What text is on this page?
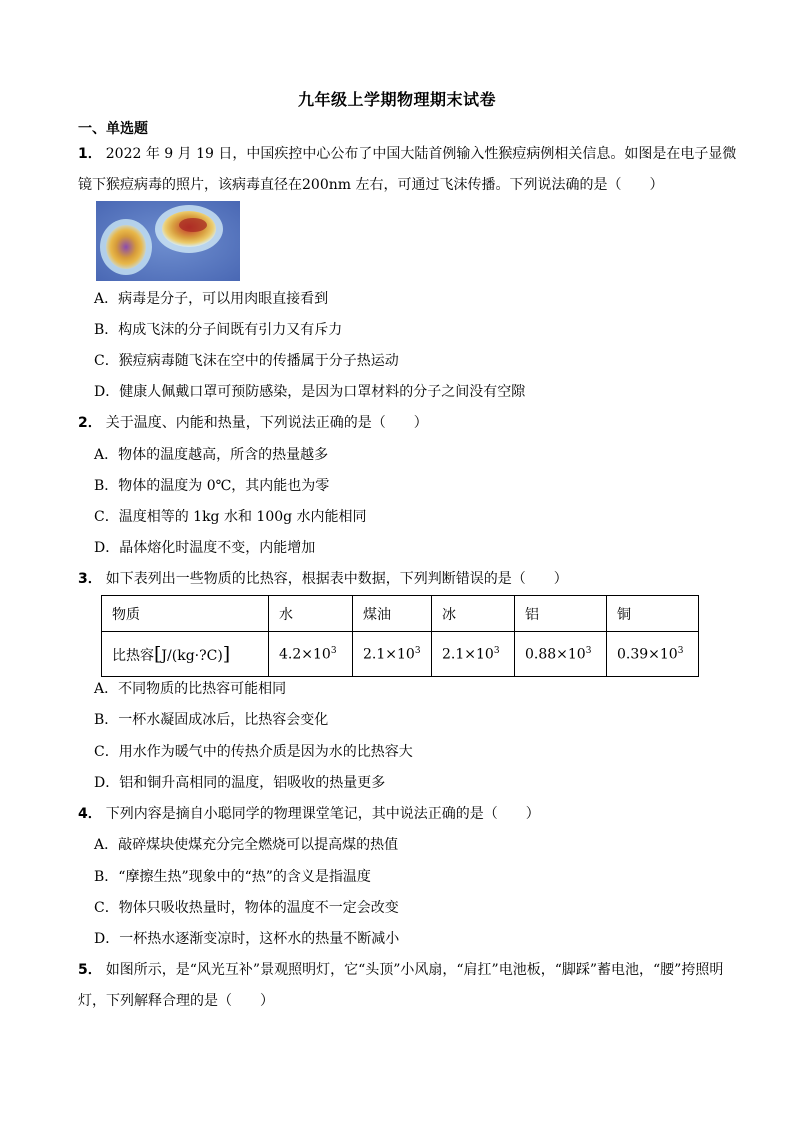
九年级上学期物理期末试卷
一、单选题
1． 2022 年 9 月 19 日，中国疾控中心公布了中国大陆首例输入性猴痘病例相关信息。如图是在电子显微
镜下猴痘病毒的照片，该病毒直径在200nm 左右，可通过飞沫传播。下列说法确的是（　　）
A．病毒是分子，可以用肉眼直接看到
B．构成飞沫的分子间既有引力又有斥力
C．猴痘病毒随飞沫在空中的传播属于分子热运动
D．健康人佩戴口罩可预防感染，是因为口罩材料的分子之间没有空隙
2． 关于温度、内能和热量，下列说法正确的是（　　）
A．物体的温度越高，所含的热量越多
B．物体的温度为 0℃，其内能也为零
C．温度相等的 1kg 水和 100g 水内能相同
D．晶体熔化时温度不变，内能增加
3． 如下表列出一些物质的比热容，根据表中数据，下列判断错误的是（　　）
物质	水	煤油	冰	铝	铜
比热容[J/(kg·?C)]	$4.2\times 10^3$	$2.1\times 10^3$	$2.1\times 10^3$	$0.88\times 10^3$	$0.39\times 10^3$
A．不同物质的比热容可能相同
B．一杯水凝固成冰后，比热容会变化
C．用水作为暖气中的传热介质是因为水的比热容大
D．铝和铜升高相同的温度，铝吸收的热量更多
4． 下列内容是摘自小聪同学的物理课堂笔记，其中说法正确的是（　　）
A．敲碎煤块使煤充分完全燃烧可以提高煤的热值
B．“摩擦生热”现象中的“热”的含义是指温度
C．物体只吸收热量时，物体的温度不一定会改变
D．一杯热水逐渐变凉时，这杯水的热量不断减小
5． 如图所示，是“风光互补”景观照明灯，它“头顶”小风扇，“肩扛”电池板，“脚踩”蓄电池，“腰”挎照明
灯，下列解释合理的是（　　）
